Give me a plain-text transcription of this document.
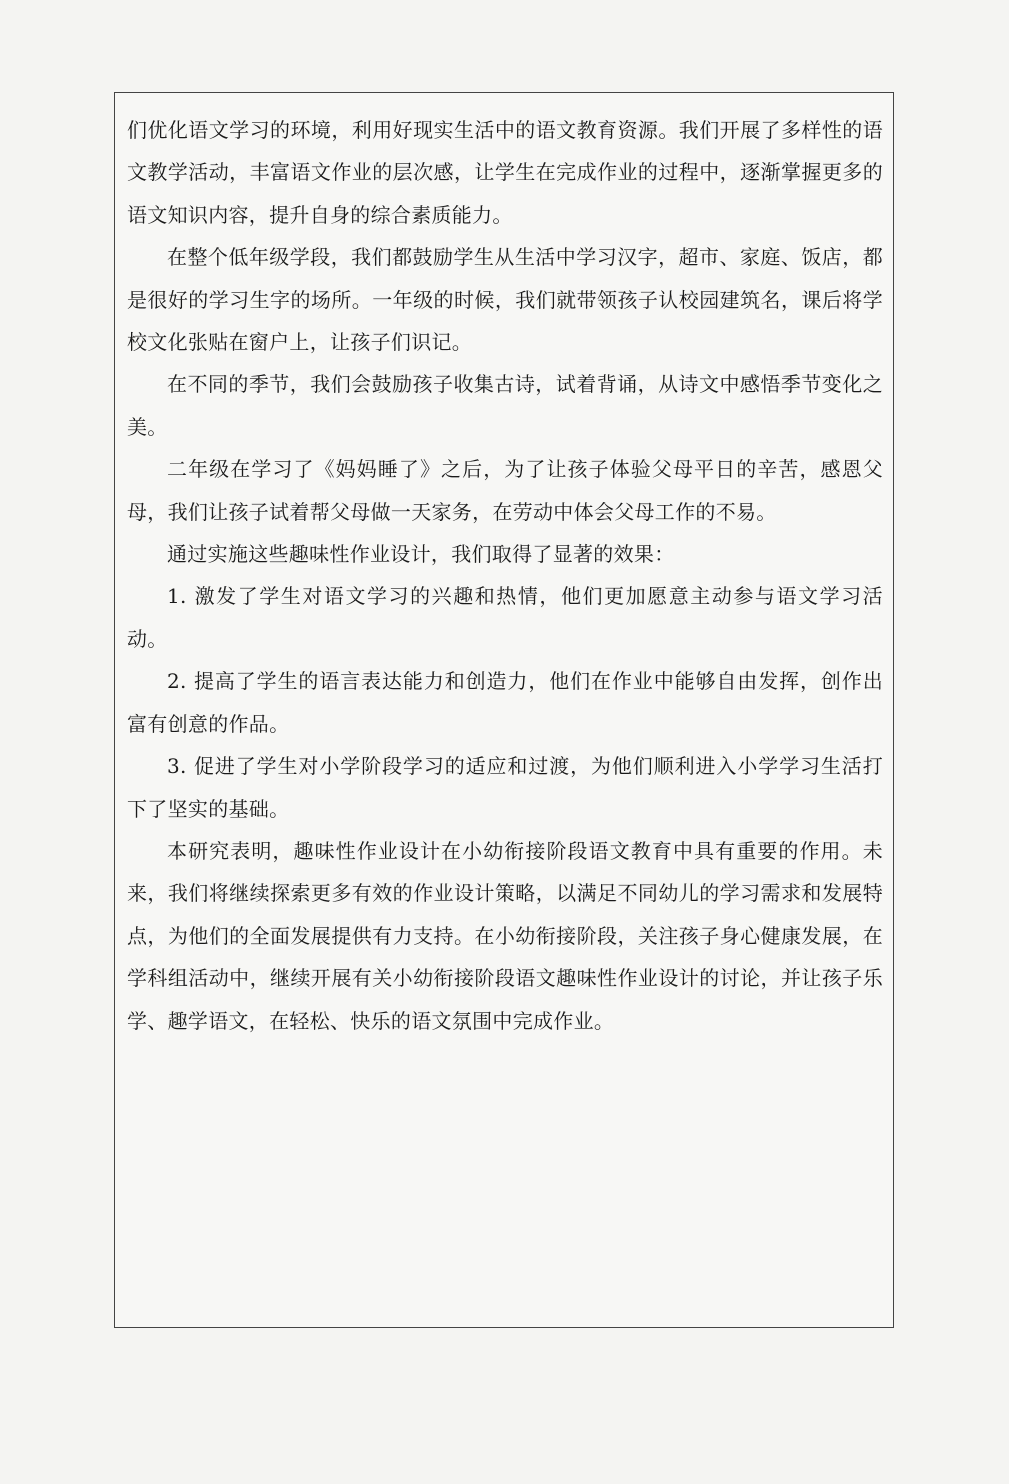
们优化语文学习的环境，利用好现实生活中的语文教育资源。我们开展了多样性的语文教学活动，丰富语文作业的层次感，让学生在完成作业的过程中，逐渐掌握更多的语文知识内容，提升自身的综合素质能力。

在整个低年级学段，我们都鼓励学生从生活中学习汉字，超市、家庭、饭店，都是很好的学习生字的场所。一年级的时候，我们就带领孩子认校园建筑名，课后将学校文化张贴在窗户上，让孩子们识记。

在不同的季节，我们会鼓励孩子收集古诗，试着背诵，从诗文中感悟季节变化之美。

二年级在学习了《妈妈睡了》之后，为了让孩子体验父母平日的辛苦，感恩父母，我们让孩子试着帮父母做一天家务，在劳动中体会父母工作的不易。

通过实施这些趣味性作业设计，我们取得了显著的效果：

1. 激发了学生对语文学习的兴趣和热情，他们更加愿意主动参与语文学习活动。

2. 提高了学生的语言表达能力和创造力，他们在作业中能够自由发挥，创作出富有创意的作品。

3. 促进了学生对小学阶段学习的适应和过渡，为他们顺利进入小学学习生活打下了坚实的基础。

本研究表明，趣味性作业设计在小幼衔接阶段语文教育中具有重要的作用。未来，我们将继续探索更多有效的作业设计策略，以满足不同幼儿的学习需求和发展特点，为他们的全面发展提供有力支持。在小幼衔接阶段，关注孩子身心健康发展，在学科组活动中，继续开展有关小幼衔接阶段语文趣味性作业设计的讨论，并让孩子乐学、趣学语文，在轻松、快乐的语文氛围中完成作业。
